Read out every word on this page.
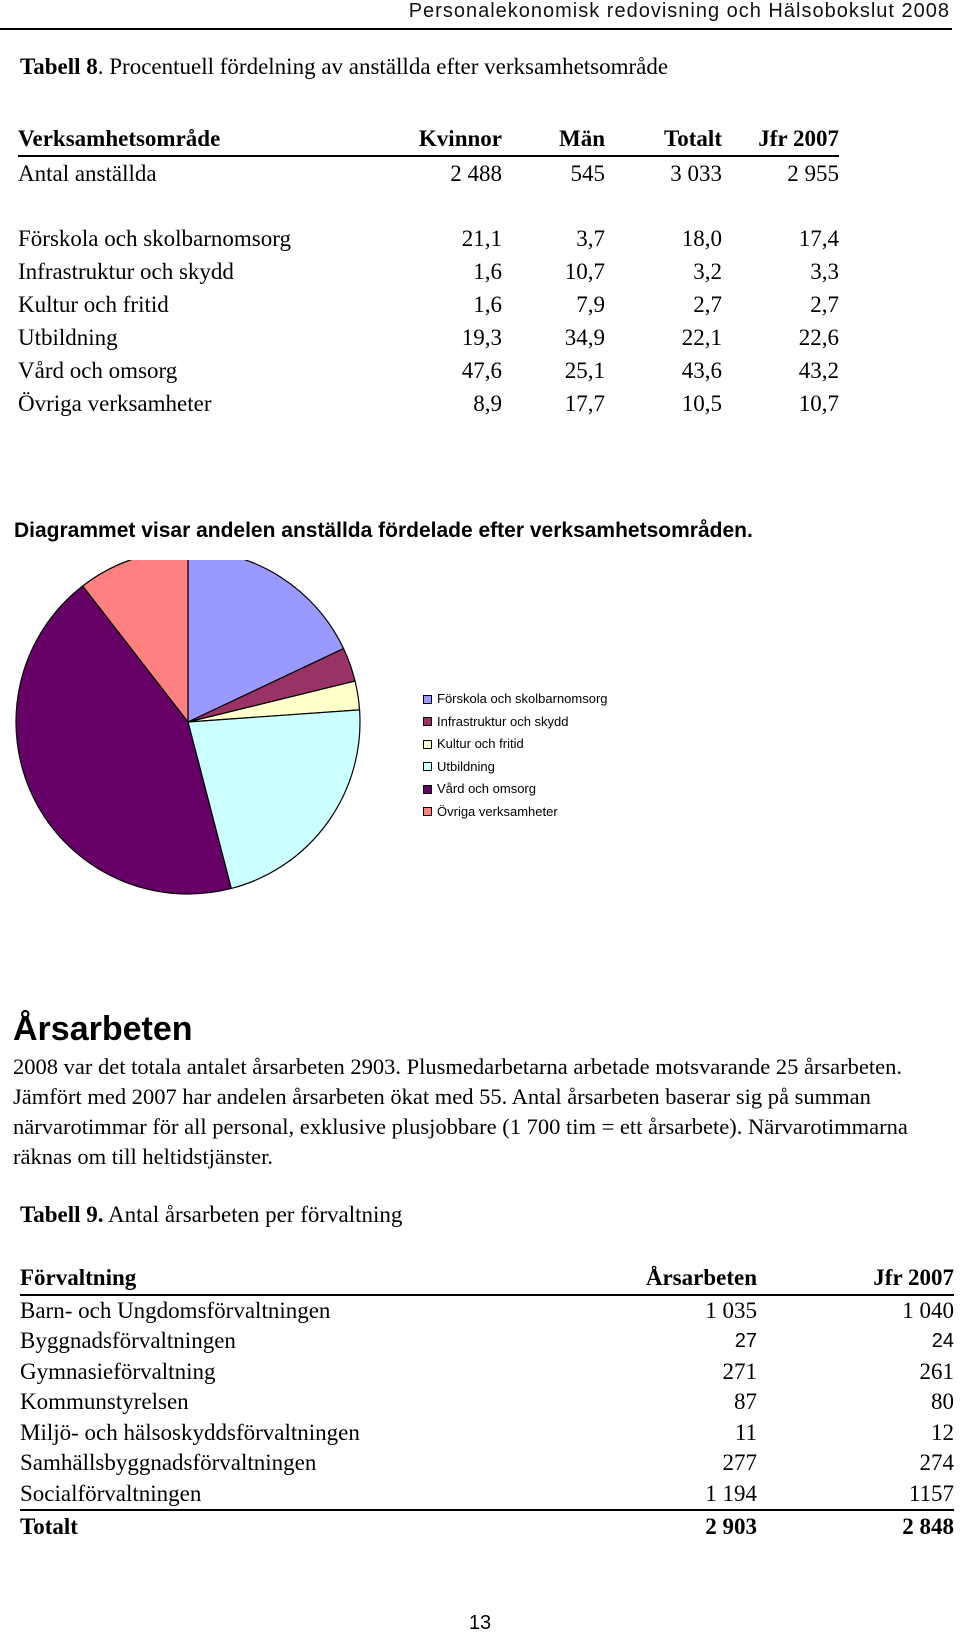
Personalekonomisk redovisning och Hälsobokslut 2008
Tabell 8. Procentuell fördelning av anställda efter verksamhetsområde
Verksamhetsområde	Kvinnor	Män	Totalt	Jfr 2007
Antal anställda	2 488	545	3 033	2 955

Förskola och skolbarnomsorg	21,1	3,7	18,0	17,4
Infrastruktur och skydd	1,6	10,7	3,2	3,3
Kultur och fritid	1,6	7,9	2,7	2,7
Utbildning	19,3	34,9	22,1	22,6
Vård och omsorg	47,6	25,1	43,6	43,2
Övriga verksamheter	8,9	17,7	10,5	10,7
Diagrammet visar andelen anställda fördelade efter verksamhetsområden.
Förskola och skolbarnomsorg
Infrastruktur och skydd
Kultur och fritid
Utbildning
Vård och omsorg
Övriga verksamheter
Årsarbeten
2008 var det totala antalet årsarbeten 2903. Plusmedarbetarna arbetade motsvarande 25 årsarbeten. Jämfört med 2007 har andelen årsarbeten ökat med 55. Antal årsarbeten baserar sig på summan närvarotimmar för all personal, exklusive plusjobbare (1 700 tim = ett årsarbete). Närvarotimmarna räknas om till heltidstjänster.
Tabell 9. Antal årsarbeten per förvaltning
Förvaltning	Årsarbeten	Jfr 2007
Barn- och Ungdomsförvaltningen	1 035	1 040
Byggnadsförvaltningen	27	24
Gymnasieförvaltning	271	261
Kommunstyrelsen	87	80
Miljö- och hälsoskyddsförvaltningen	11	12
Samhällsbyggnadsförvaltningen	277	274
Socialförvaltningen	1 194	1157
Totalt	2 903	2 848
13
